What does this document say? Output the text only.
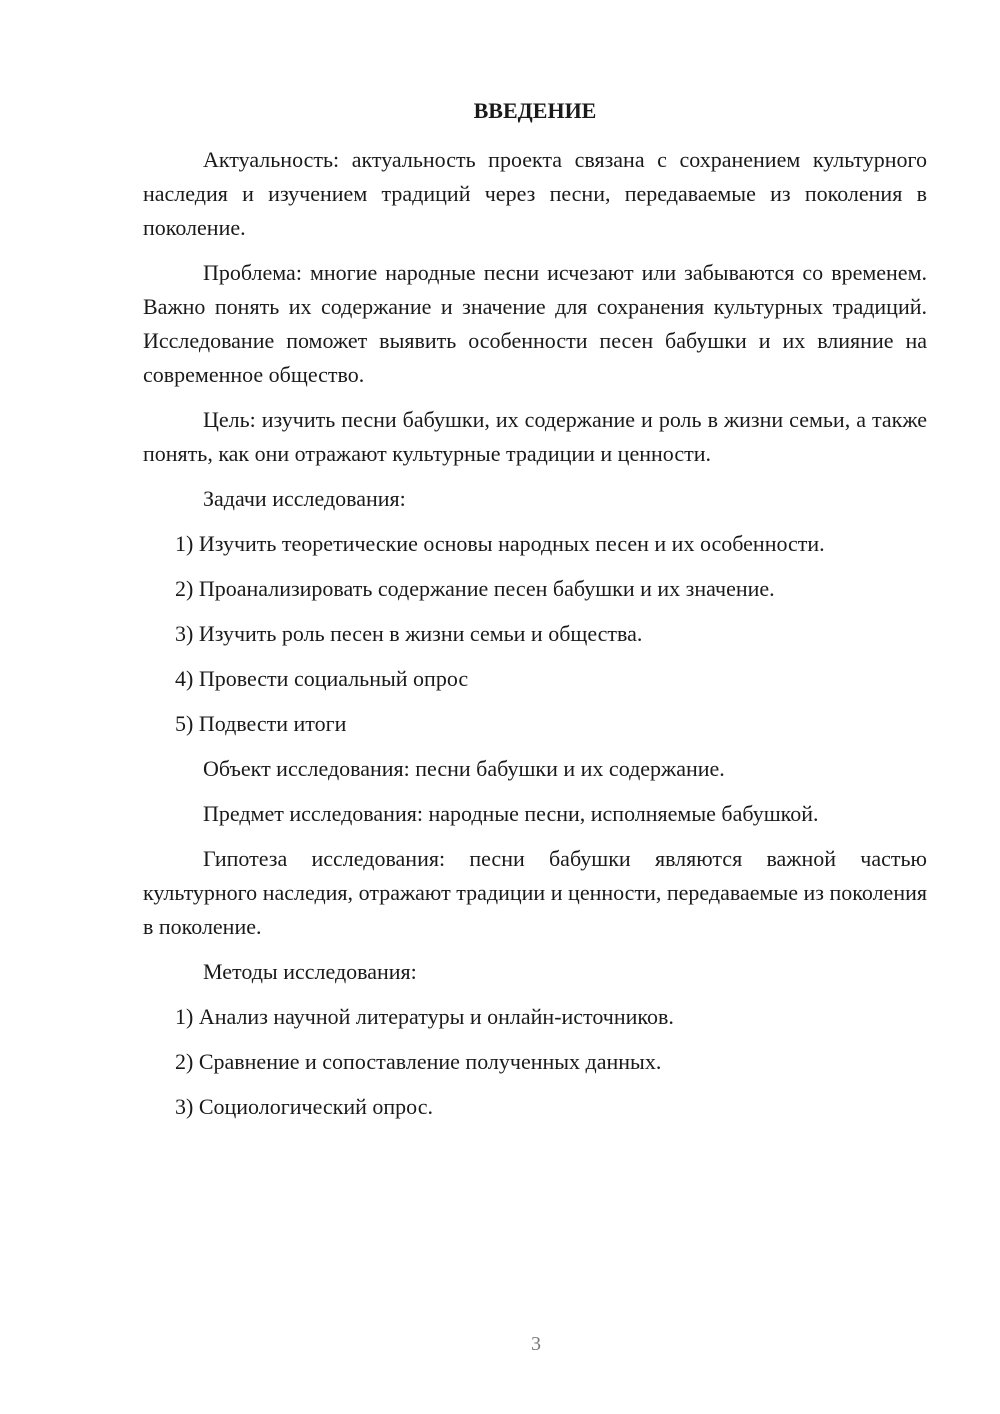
ВВЕДЕНИЕ

Актуальность: актуальность проекта связана с сохранением культурного наследия и изучением традиций через песни, передаваемые из поколения в поколение.

Проблема: многие народные песни исчезают или забываются со временем. Важно понять их содержание и значение для сохранения культурных традиций. Исследование поможет выявить особенности песен бабушки и их влияние на современное общество.

Цель: изучить песни бабушки, их содержание и роль в жизни семьи, а также понять, как они отражают культурные традиции и ценности.

Задачи исследования:

1) Изучить теоретические основы народных песен и их особенности.

2) Проанализировать содержание песен бабушки и их значение.

3) Изучить роль песен в жизни семьи и общества.

4) Провести социальный опрос

5) Подвести итоги

Объект исследования: песни бабушки и их содержание.

Предмет исследования: народные песни, исполняемые бабушкой.

Гипотеза исследования: песни бабушки являются важной частью культурного наследия, отражают традиции и ценности, передаваемые из поколения в поколение.

Методы исследования:

1) Анализ научной литературы и онлайн-источников.

2) Сравнение и сопоставление полученных данных.

3) Социологический опрос.

3
